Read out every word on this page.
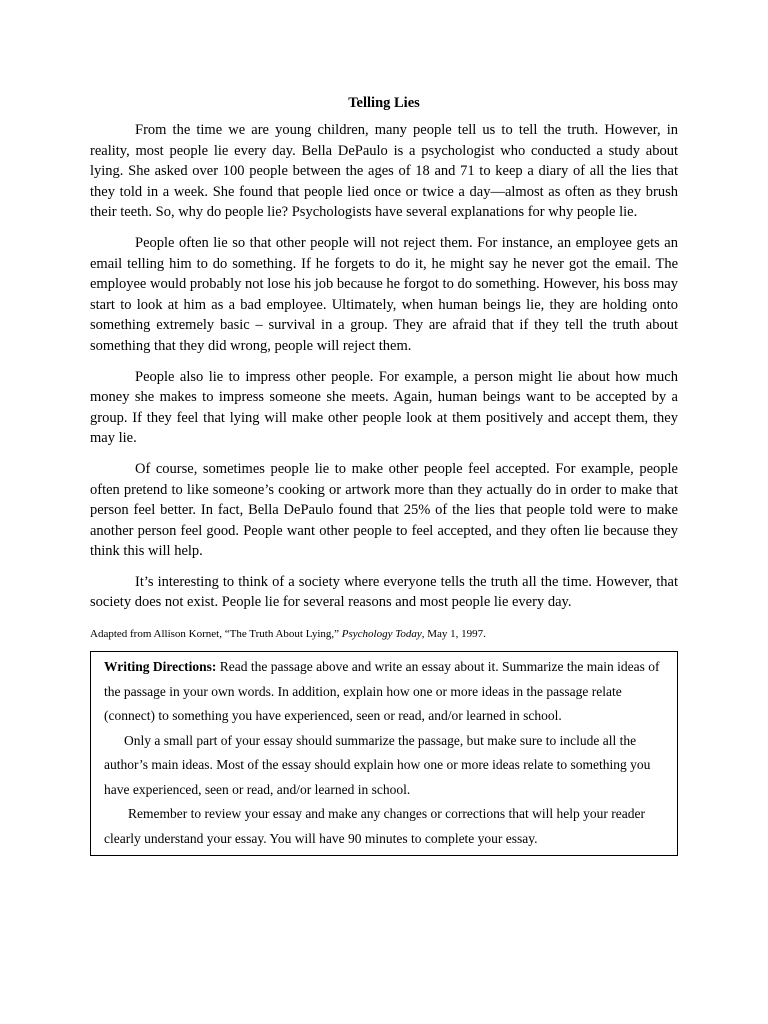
Telling Lies

From the time we are young children, many people tell us to tell the truth. However, in reality, most people lie every day. Bella DePaulo is a psychologist who conducted a study about lying. She asked over 100 people between the ages of 18 and 71 to keep a diary of all the lies that they told in a week. She found that people lied once or twice a day—almost as often as they brush their teeth. So, why do people lie? Psychologists have several explanations for why people lie.

People often lie so that other people will not reject them. For instance, an employee gets an email telling him to do something. If he forgets to do it, he might say he never got the email. The employee would probably not lose his job because he forgot to do something. However, his boss may start to look at him as a bad employee. Ultimately, when human beings lie, they are holding onto something extremely basic – survival in a group. They are afraid that if they tell the truth about something that they did wrong, people will reject them.

People also lie to impress other people. For example, a person might lie about how much money she makes to impress someone she meets. Again, human beings want to be accepted by a group. If they feel that lying will make other people look at them positively and accept them, they may lie.

Of course, sometimes people lie to make other people feel accepted. For example, people often pretend to like someone’s cooking or artwork more than they actually do in order to make that person feel better. In fact, Bella DePaulo found that 25% of the lies that people told were to make another person feel good. People want other people to feel accepted, and they often lie because they think this will help.

It’s interesting to think of a society where everyone tells the truth all the time. However, that society does not exist. People lie for several reasons and most people lie every day.

Adapted from Allison Kornet, “The Truth About Lying,” Psychology Today, May 1, 1997.

Writing Directions: Read the passage above and write an essay about it. Summarize the main ideas of the passage in your own words. In addition, explain how one or more ideas in the passage relate (connect) to something you have experienced, seen or read, and/or learned in school.

Only a small part of your essay should summarize the passage, but make sure to include all the author’s main ideas. Most of the essay should explain how one or more ideas relate to something you have experienced, seen or read, and/or learned in school.

Remember to review your essay and make any changes or corrections that will help your reader clearly understand your essay. You will have 90 minutes to complete your essay.
